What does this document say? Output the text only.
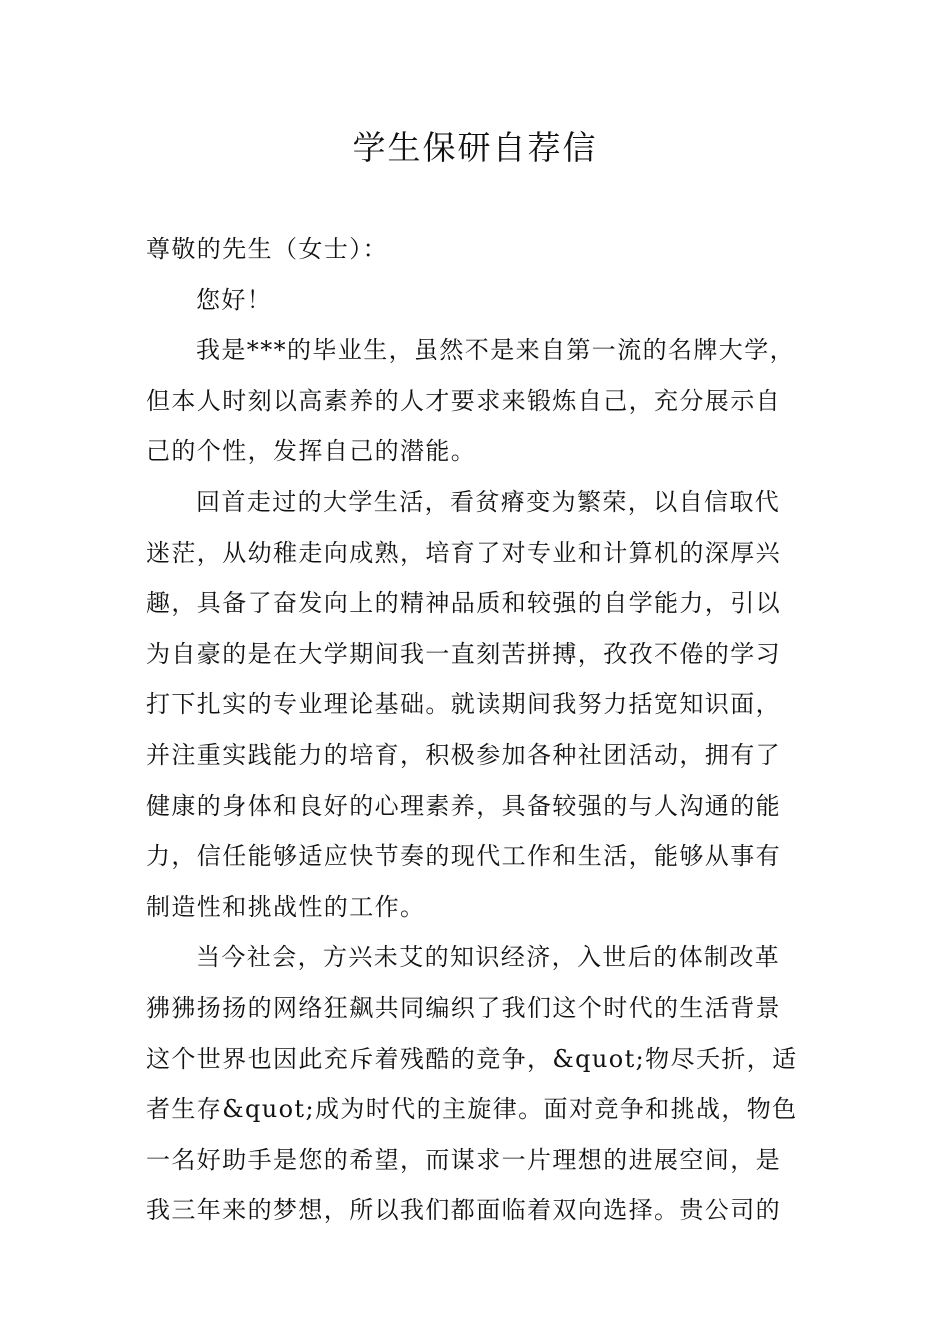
学生保研自荐信
尊敬的先生（女士）：
您好！
我是***的毕业生，虽然不是来自第一流的名牌大学，
但本人时刻以高素养的人才要求来锻炼自己，充分展示自
己的个性，发挥自己的潜能。
回首走过的大学生活，看贫瘠变为繁荣，以自信取代
迷茫，从幼稚走向成熟，培育了对专业和计算机的深厚兴
趣，具备了奋发向上的精神品质和较强的自学能力，引以
为自豪的是在大学期间我一直刻苦拼搏，孜孜不倦的学习
打下扎实的专业理论基础。就读期间我努力括宽知识面，
并注重实践能力的培育，积极参加各种社团活动，拥有了
健康的身体和良好的心理素养，具备较强的与人沟通的能
力，信任能够适应快节奏的现代工作和生活，能够从事有
制造性和挑战性的工作。
当今社会，方兴未艾的知识经济，入世后的体制改革
狒狒扬扬的网络狂飙共同编织了我们这个时代的生活背景
这个世界也因此充斥着残酷的竞争，&quot;物尽夭折，适
者生存&quot;成为时代的主旋律。面对竞争和挑战，物色
一名好助手是您的希望，而谋求一片理想的进展空间，是
我三年来的梦想，所以我们都面临着双向选择。贵公司的
